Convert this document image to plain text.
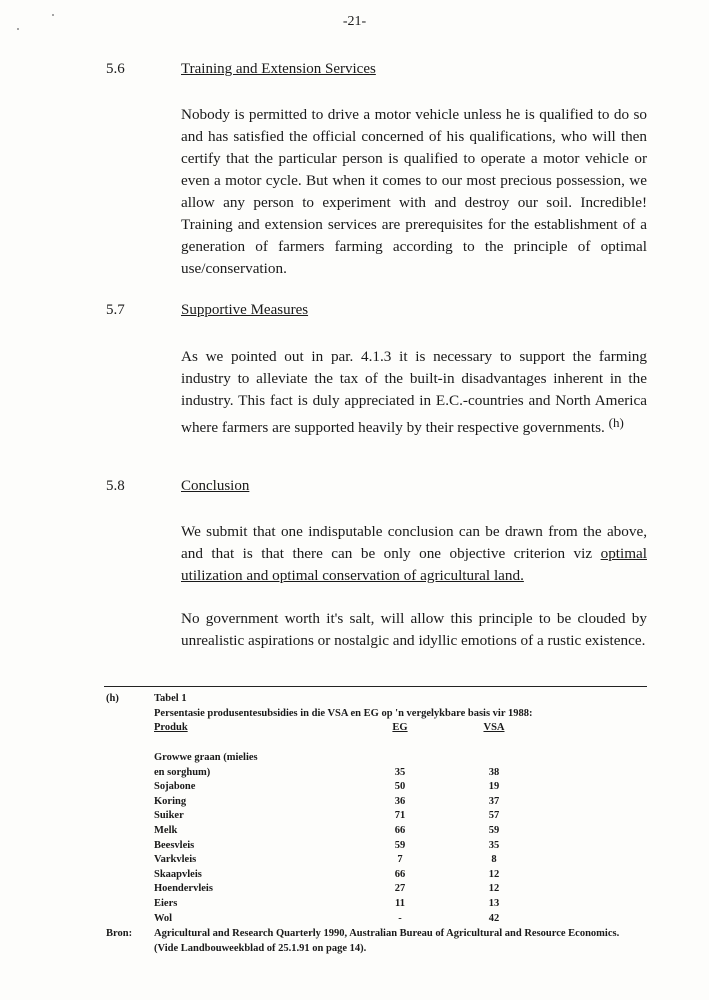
-21-
5.6	Training and Extension Services
Nobody is permitted to drive a motor vehicle unless he is qualified to do so and has satisfied the official concerned of his qualifications, who will then certify that the particular person is qualified to operate a motor vehicle or even a motor cycle. But when it comes to our most precious possession, we allow any person to experiment with and destroy our soil. Incredible! Training and extension services are prerequisites for the establishment of a generation of farmers farming according to the principle of optimal use/conservation.
5.7	Supportive Measures
As we pointed out in par. 4.1.3 it is necessary to support the farming industry to alleviate the tax of the built-in disadvantages inherent in the industry. This fact is duly appreciated in E.C.-countries and North America where farmers are supported heavily by their respective governments. (h)
5.8	Conclusion
We submit that one indisputable conclusion can be drawn from the above, and that is that there can be only one objective criterion viz optimal utilization and optimal conservation of agricultural land.
No government worth it's salt, will allow this principle to be clouded by unrealistic aspirations or nostalgic and idyllic emotions of a rustic existence.
(h)	Tabel 1
Persentasie produsentesubsidies in die VSA en EG op 'n vergelykbare basis vir 1988:
Produk	EG	VSA
Growwe graan (mielies
en sorghum)	35	38
Sojabone	50	19
Koring	36	37
Suiker	71	57
Melk	66	59
Beesvleis	59	35
Varkvleis	7	8
Skaapvleis	66	12
Hoendervleis	27	12
Eiers	11	13
Wol	-	42
Bron: Agricultural and Research Quarterly 1990, Australian Bureau of Agricultural and Resource Economics. (Vide Landbouweekblad of 25.1.91 on page 14).
